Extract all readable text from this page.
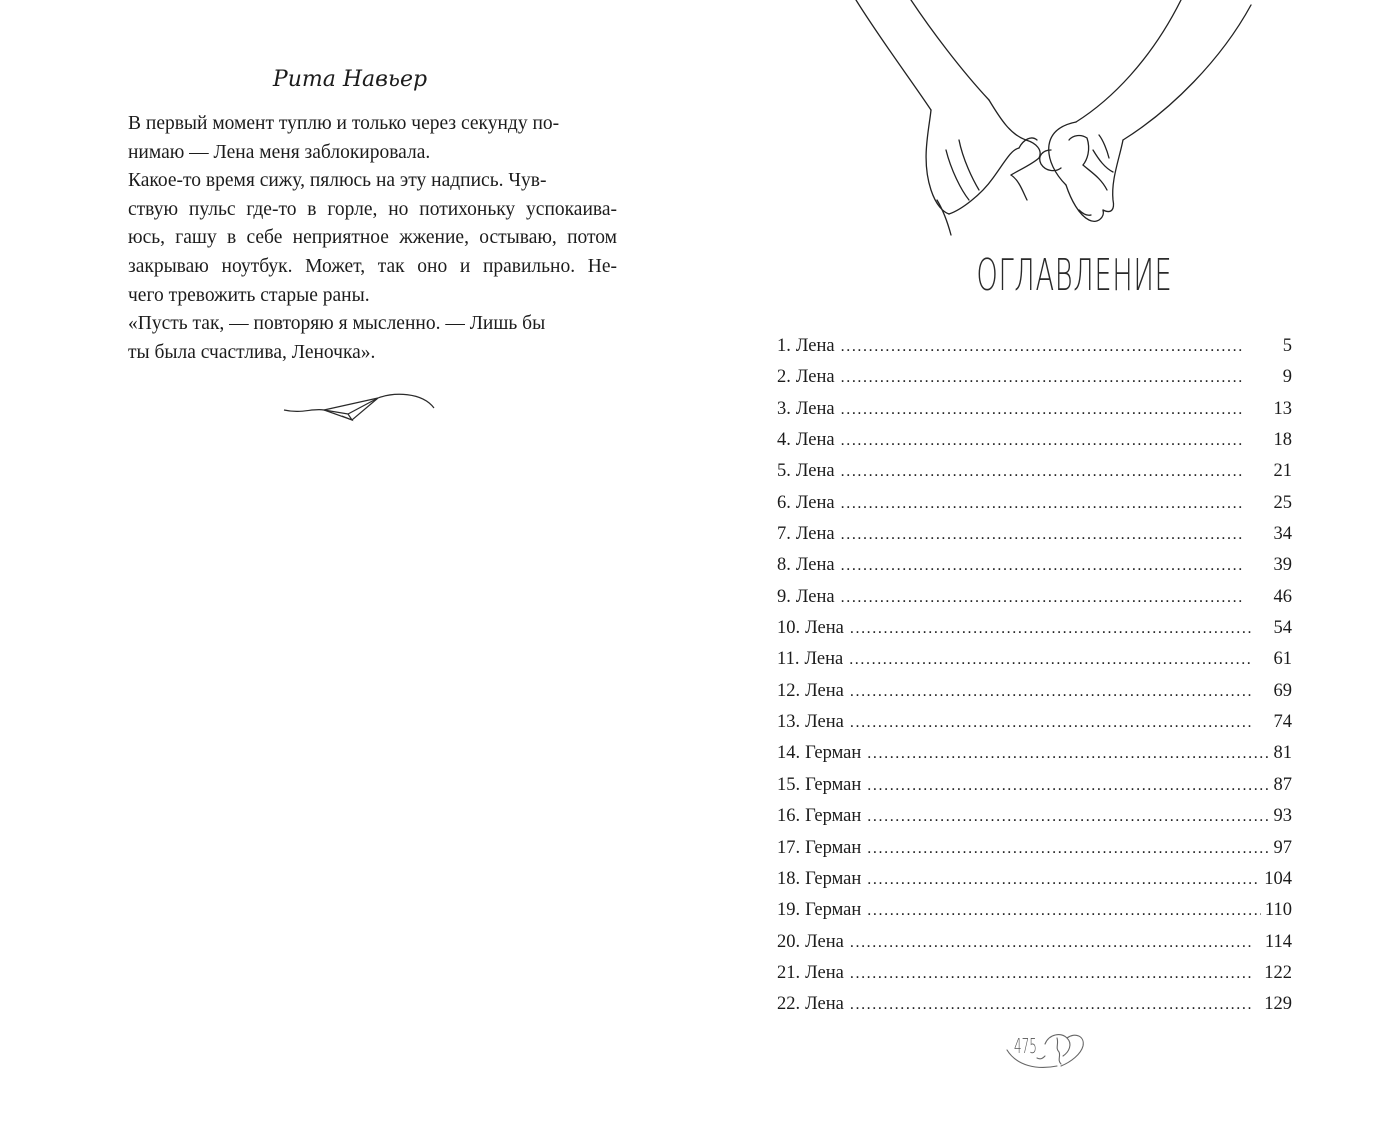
Рита Навьер

В первый момент туплю и только через секунду по-
нимаю — Лена меня заблокировала.

Какое-то время сижу, пялюсь на эту надпись. Чув-
ствую пульс где-то в горле, но потихоньку успокаива-
юсь, гашу в себе неприятное жжение, остываю, потом
закрываю ноутбук. Может, так оно и правильно. Не-
чего тревожить старые раны.

«Пусть так, — повторяю я мысленно. — Лишь бы
ты была счастлива, Леночка».

ОГЛАВЛЕНИЕ
1. Лена . . .	5
2. Лена . . .	9
3. Лена . . .	13
4. Лена . . .	18
5. Лена . . .	21
6. Лена . . .	25
7. Лена . . .	34
8. Лена . . .	39
9. Лена . . .	46
10. Лена . . .	54
11. Лена . . .	61
12. Лена . . .	69
13. Лена . . .	74
14. Герман . . .	81
15. Герман . . .	87
16. Герман . . .	93
17. Герман . . .	97
18. Герман . . .	104
19. Герман . . .	110
20. Лена . . .	114
21. Лена . . .	122
22. Лена . . .	129
475
